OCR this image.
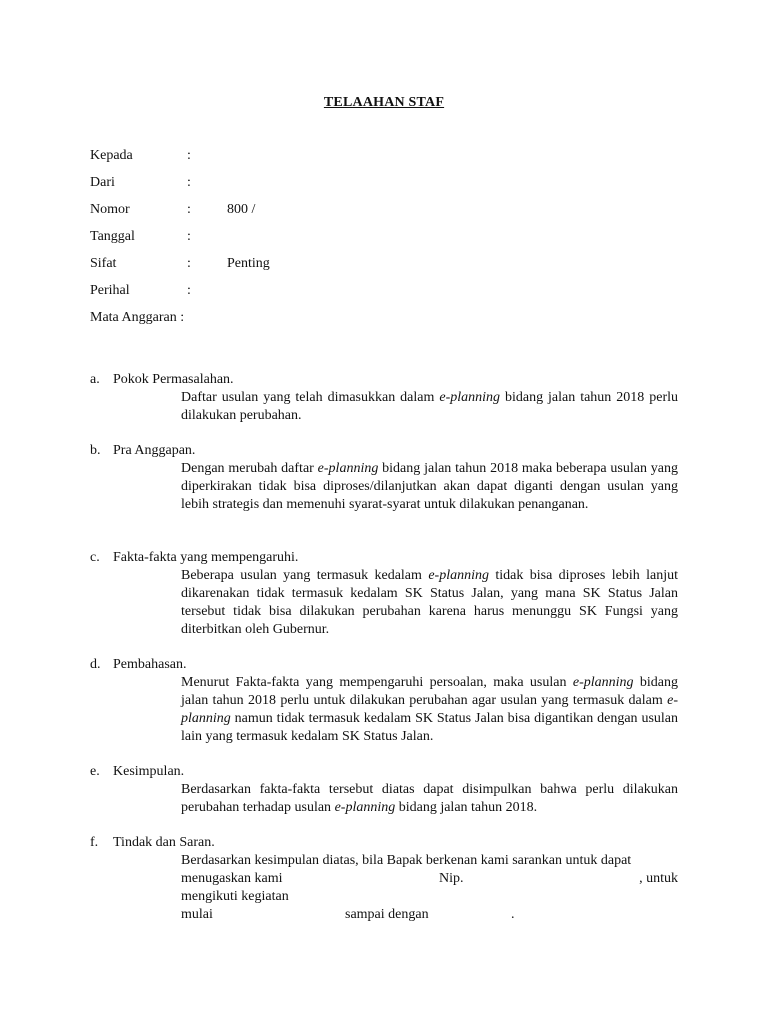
TELAAHAN STAF
Kepada	:
Dari	:
Nomor	:	800 /
Tanggal	:
Sifat	:	Penting
Perihal	:
Mata Anggaran :
a. Pokok Permasalahan.
Daftar usulan yang telah dimasukkan dalam e-planning bidang jalan tahun 2018 perlu dilakukan perubahan.
b. Pra Anggapan.
Dengan merubah daftar e-planning bidang jalan tahun 2018 maka beberapa usulan yang diperkirakan tidak bisa diproses/dilanjutkan akan dapat diganti dengan usulan yang lebih strategis dan memenuhi syarat-syarat untuk dilakukan penanganan.
c. Fakta-fakta yang mempengaruhi.
Beberapa usulan yang termasuk kedalam e-planning tidak bisa diproses lebih lanjut dikarenakan tidak termasuk kedalam SK Status Jalan, yang mana SK Status Jalan tersebut tidak bisa dilakukan perubahan karena harus menunggu SK Fungsi yang diterbitkan oleh Gubernur.
d. Pembahasan.
Menurut Fakta-fakta yang mempengaruhi persoalan, maka usulan e-planning bidang jalan tahun 2018 perlu untuk dilakukan perubahan agar usulan yang termasuk dalam e-planning namun tidak termasuk kedalam SK Status Jalan bisa digantikan dengan usulan lain yang termasuk kedalam SK Status Jalan.
e. Kesimpulan.
Berdasarkan fakta-fakta tersebut diatas dapat disimpulkan bahwa perlu dilakukan perubahan terhadap usulan e-planning bidang jalan tahun 2018.
f. Tindak dan Saran.
Berdasarkan kesimpulan diatas, bila Bapak berkenan kami sarankan untuk dapat
menugaskan kami	Nip.	, untuk
mengikuti kegiatan
mulai	sampai dengan	.
